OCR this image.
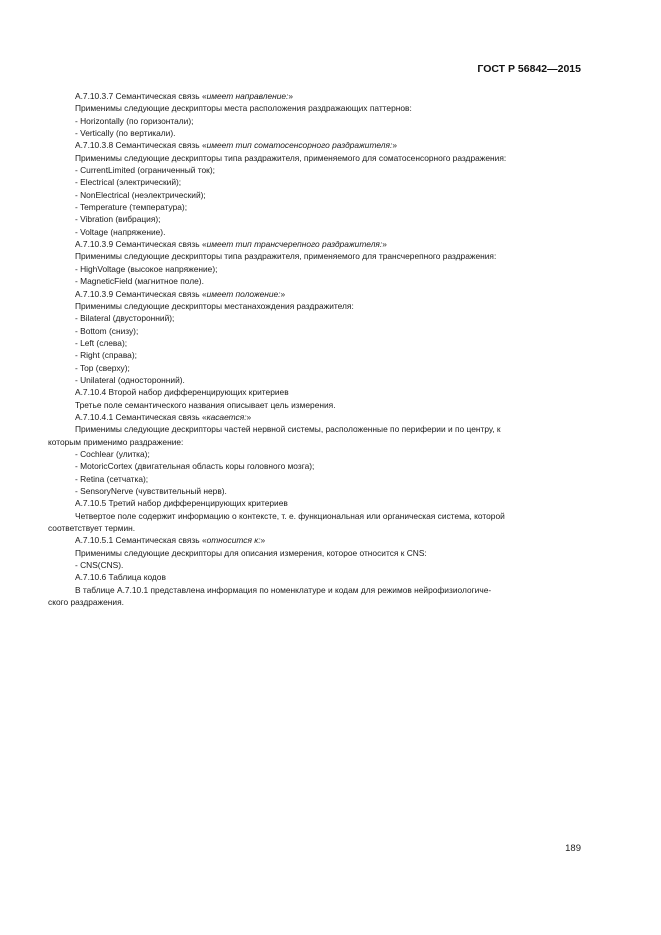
ГОСТ Р 56842—2015
А.7.10.3.7 Семантическая связь «имеет направление:»
Применимы следующие дескрипторы места расположения раздражающих паттернов:
- Horizontally (по горизонтали);
- Vertically (по вертикали).
А.7.10.3.8 Семантическая связь «имеет тип соматосенсорного раздражителя:»
Применимы следующие дескрипторы типа раздражителя, применяемого для соматосенсорного раздражения:
- CurrentLimited (ограниченный ток);
- Electrical (электрический);
- NonElectrical (неэлектрический);
- Temperature (температура);
- Vibration (вибрация);
- Voltage (напряжение).
А.7.10.3.9 Семантическая связь «имеет тип трансчерепного раздражителя:»
Применимы следующие дескрипторы типа раздражителя, применяемого для трансчерепного раздражения:
- HighVoltage (высокое напряжение);
- MagneticField (магнитное поле).
А.7.10.3.9 Семантическая связь «имеет положение:»
Применимы следующие дескрипторы местанахождения раздражителя:
- Bilateral (двусторонний);
- Bottom (снизу);
- Left (слева);
- Right (справа);
- Top (сверху);
- Unilateral (односторонний).
А.7.10.4 Второй набор дифференцирующих критериев
Третье поле семантического названия описывает цель измерения.
А.7.10.4.1 Семантическая связь «касается:»
Применимы следующие дескрипторы частей нервной системы, расположенные по периферии и по центру, к
которым применимо раздражение:
- Cochlear (улитка);
- MotoricCortex (двигательная область коры головного мозга);
- Retina (сетчатка);
- SensoryNerve (чувствительный нерв).
А.7.10.5 Третий набор дифференцирующих критериев
Четвертое поле содержит информацию о контексте, т. е. функциональная или органическая система, которой
соответствует термин.
А.7.10.5.1 Семантическая связь «относится к:»
Применимы следующие дескрипторы для описания измерения, которое относится к CNS:
- CNS(CNS).
А.7.10.6 Таблица кодов
В таблице А.7.10.1 представлена информация по номенклатуре и кодам для режимов нейрофизиологиче-
ского раздражения.
189
